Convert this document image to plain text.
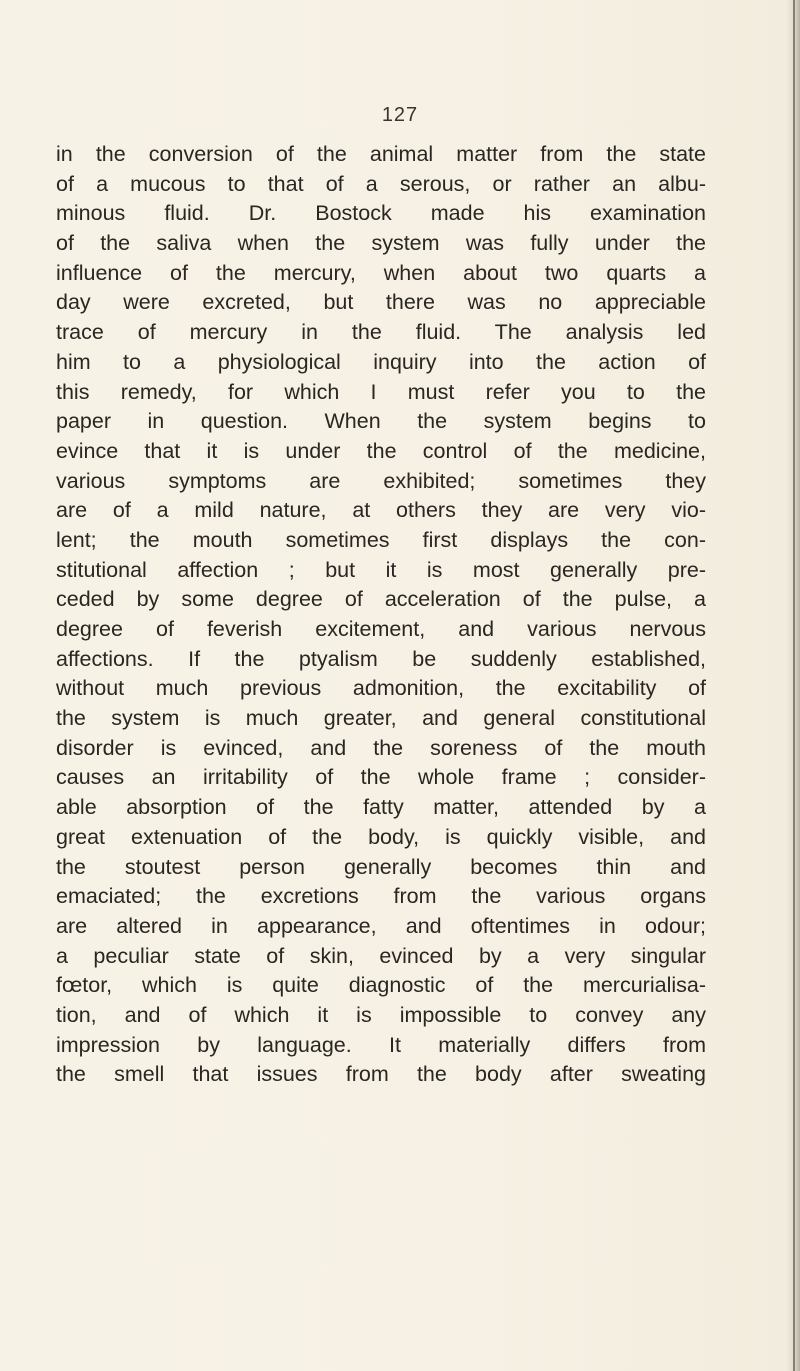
127
in the conversion of the animal matter from the state
of a mucous to that of a serous, or rather an albu-
minous fluid. Dr. Bostock made his examination
of the saliva when the system was fully under the
influence of the mercury, when about two quarts a
day were excreted, but there was no appreciable
trace of mercury in the fluid. The analysis led
him to a physiological inquiry into the action of
this remedy, for which I must refer you to the
paper in question. When the system begins to
evince that it is under the control of the medicine,
various symptoms are exhibited; sometimes they
are of a mild nature, at others they are very vio-
lent; the mouth sometimes first displays the con-
stitutional affection ; but it is most generally pre-
ceded by some degree of acceleration of the pulse, a
degree of feverish excitement, and various nervous
affections. If the ptyalism be suddenly established,
without much previous admonition, the excitability of
the system is much greater, and general constitutional
disorder is evinced, and the soreness of the mouth
causes an irritability of the whole frame ; consider-
able absorption of the fatty matter, attended by a
great extenuation of the body, is quickly visible, and
the stoutest person generally becomes thin and
emaciated; the excretions from the various organs
are altered in appearance, and oftentimes in odour;
a peculiar state of skin, evinced by a very singular
fœtor, which is quite diagnostic of the mercurialisa-
tion, and of which it is impossible to convey any
impression by language. It materially differs from
the smell that issues from the body after sweating
